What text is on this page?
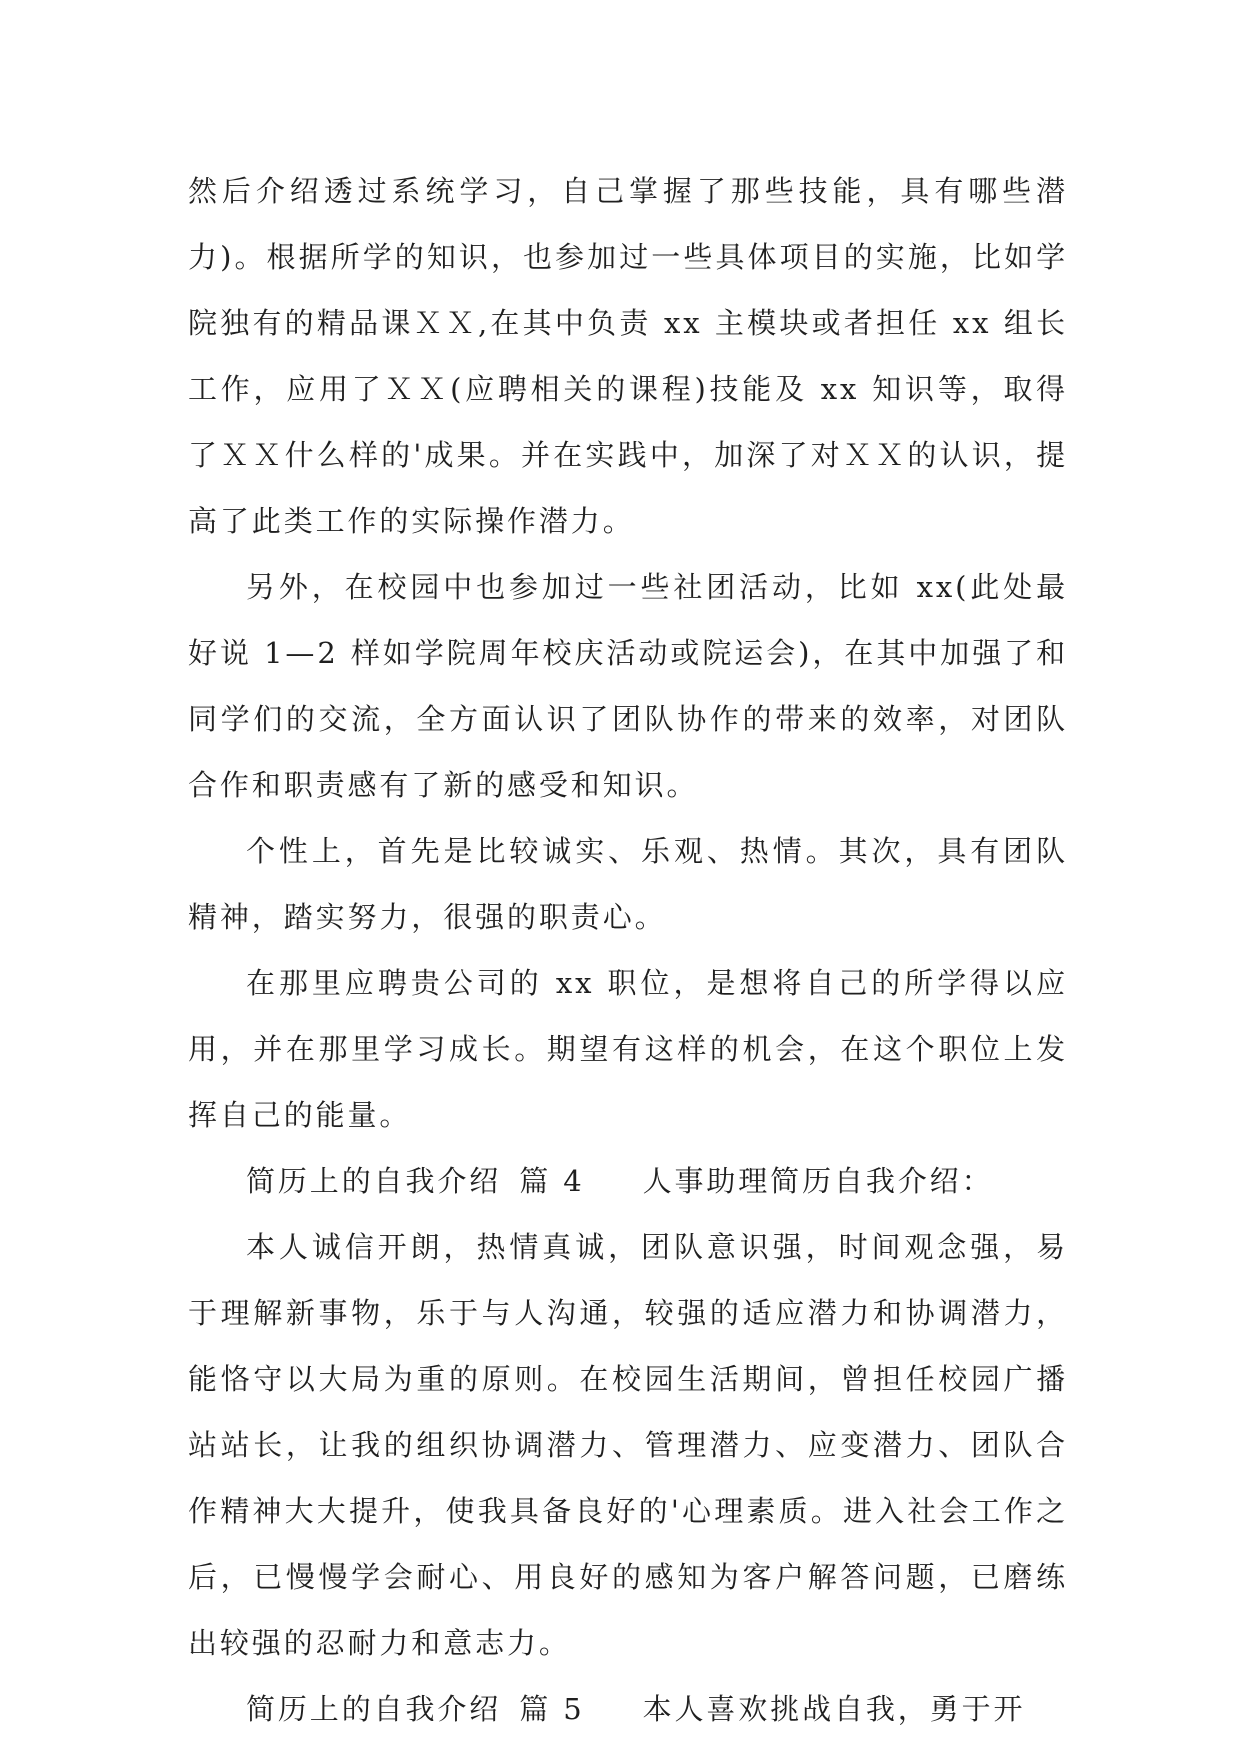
然后介绍透过系统学习，自己掌握了那些技能，具有哪些潜力)。根据所学的知识，也参加过一些具体项目的实施，比如学院独有的精品课ＸＸ,在其中负责 xx 主模块或者担任 xx 组长工作，应用了ＸＸ(应聘相关的课程)技能及 xx 知识等，取得了ＸＸ什么样的'成果。并在实践中，加深了对ＸＸ的认识，提高了此类工作的实际操作潜力。

另外，在校园中也参加过一些社团活动，比如 xx(此处最好说 1—2 样如学院周年校庆活动或院运会)，在其中加强了和同学们的交流，全方面认识了团队协作的带来的效率，对团队合作和职责感有了新的感受和知识。

个性上，首先是比较诚实、乐观、热情。其次，具有团队精神，踏实努力，很强的职责心。

在那里应聘贵公司的 xx 职位，是想将自己的所学得以应用，并在那里学习成长。期望有这样的机会，在这个职位上发挥自己的能量。

简历上的自我介绍 篇 4 人事助理简历自我介绍：

本人诚信开朗，热情真诚，团队意识强，时间观念强，易于理解新事物，乐于与人沟通，较强的适应潜力和协调潜力，能恪守以大局为重的原则。在校园生活期间，曾担任校园广播站站长，让我的组织协调潜力、管理潜力、应变潜力、团队合作精神大大提升，使我具备良好的'心理素质。进入社会工作之后，已慢慢学会耐心、用良好的感知为客户解答问题，已磨练出较强的忍耐力和意志力。

简历上的自我介绍 篇 5 本人喜欢挑战自我，勇于开
